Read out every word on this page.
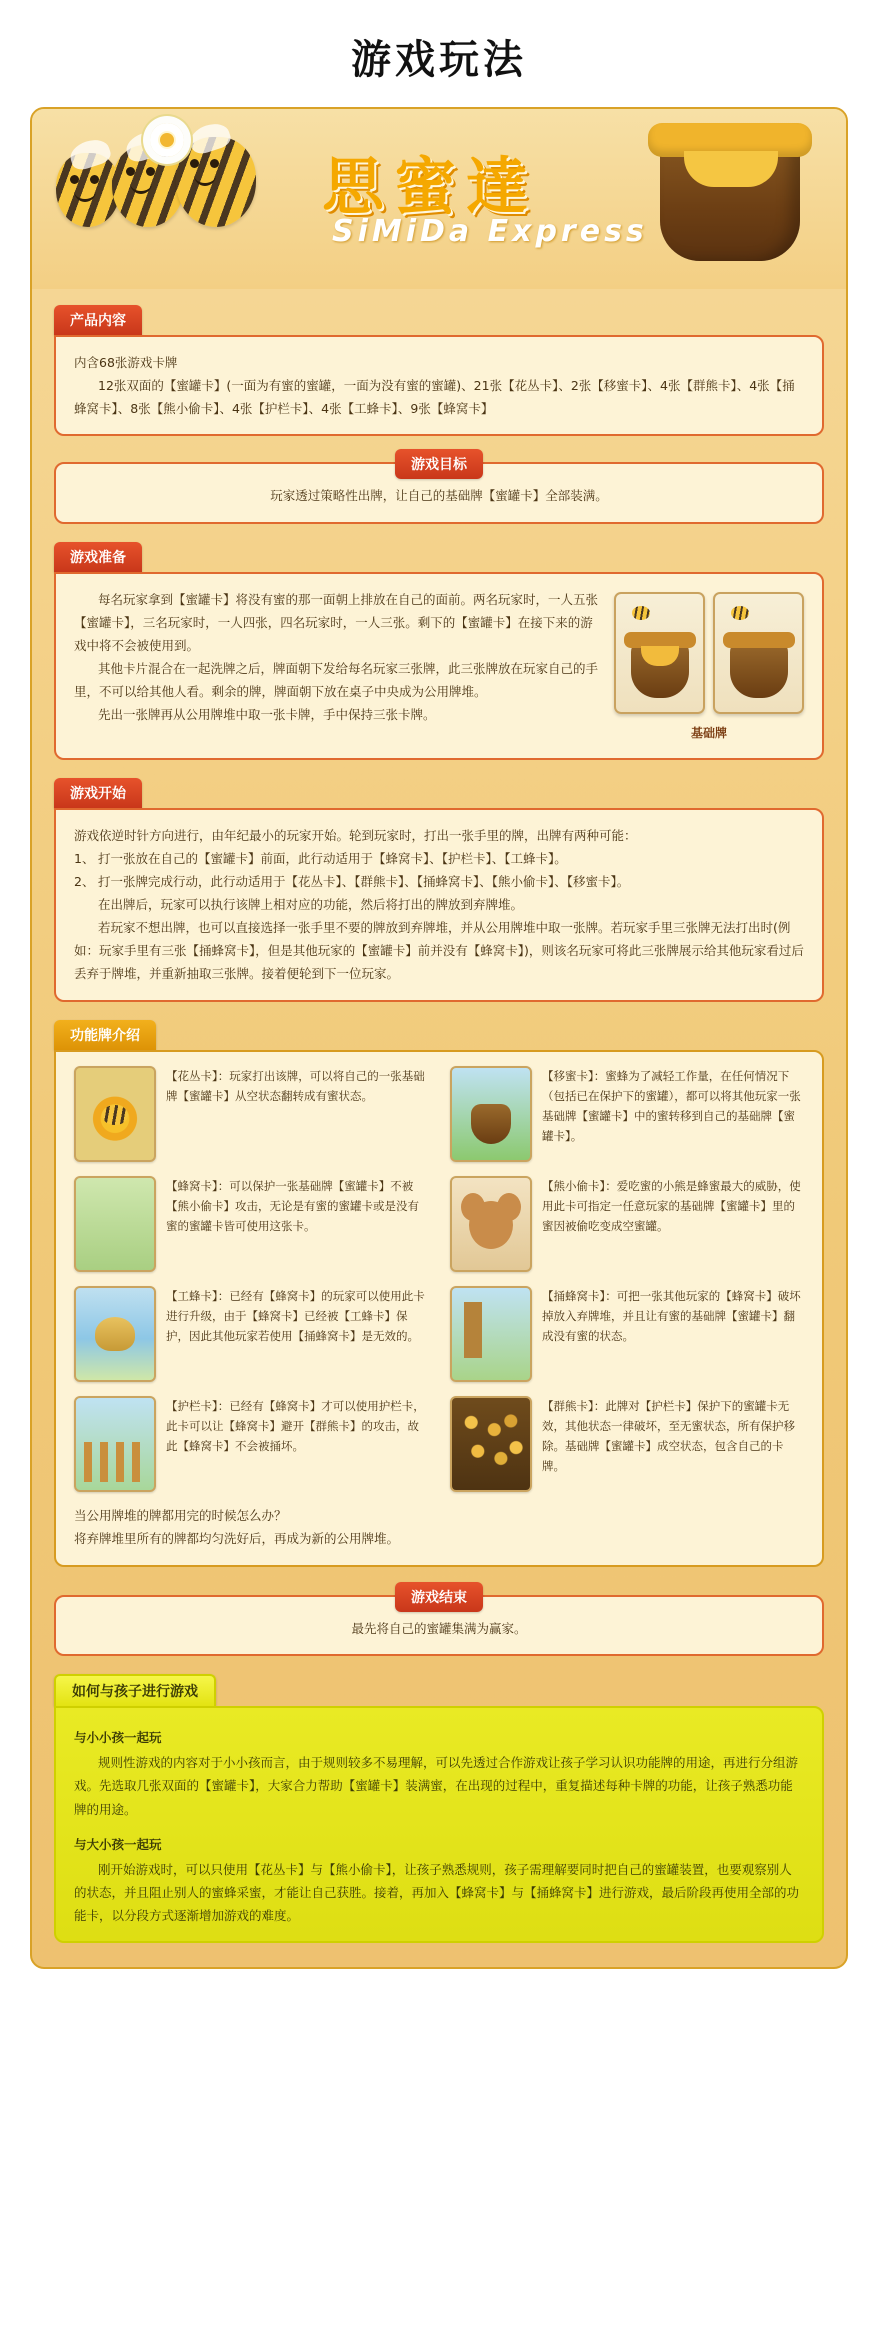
游戏玩法
思蜜達
SiMiDa Express
产品内容

内含68张游戏卡牌

12张双面的【蜜罐卡】(一面为有蜜的蜜罐，一面为没有蜜的蜜罐)、21张【花丛卡】、2张【移蜜卡】、4张【群熊卡】、4张【捅蜂窝卡】、8张【熊小偷卡】、4张【护栏卡】、4张【工蜂卡】、9张【蜂窝卡】

游戏目标

玩家透过策略性出牌，让自己的基础牌【蜜罐卡】全部装满。

游戏准备

每名玩家拿到【蜜罐卡】将没有蜜的那一面朝上排放在自己的面前。两名玩家时，一人五张【蜜罐卡】，三名玩家时，一人四张，四名玩家时，一人三张。剩下的【蜜罐卡】在接下来的游戏中将不会被使用到。

其他卡片混合在一起洗牌之后，牌面朝下发给每名玩家三张牌，此三张牌放在玩家自己的手里，不可以给其他人看。剩余的牌，牌面朝下放在桌子中央成为公用牌堆。

先出一张牌再从公用牌堆中取一张卡牌，手中保持三张卡牌。

基础牌
游戏开始

游戏依逆时针方向进行，由年纪最小的玩家开始。轮到玩家时，打出一张手里的牌，出牌有两种可能：

1、 打一张放在自己的【蜜罐卡】前面，此行动适用于【蜂窝卡】、【护栏卡】、【工蜂卡】。
2、 打一张牌完成行动，此行动适用于【花丛卡】、【群熊卡】、【捅蜂窝卡】、【熊小偷卡】、【移蜜卡】。

在出牌后，玩家可以执行该牌上相对应的功能，然后将打出的牌放到弃牌堆。

若玩家不想出牌，也可以直接选择一张手里不要的牌放到弃牌堆，并从公用牌堆中取一张牌。若玩家手里三张牌无法打出时(例如：玩家手里有三张【捅蜂窝卡】，但是其他玩家的【蜜罐卡】前并没有【蜂窝卡】)，则该名玩家可将此三张牌展示给其他玩家看过后丢弃于牌堆，并重新抽取三张牌。接着便轮到下一位玩家。

功能牌介绍
【花丛卡】：玩家打出该牌，可以将自己的一张基础牌【蜜罐卡】从空状态翻转成有蜜状态。
【移蜜卡】：蜜蜂为了减轻工作量，在任何情况下（包括已在保护下的蜜罐），都可以将其他玩家一张基础牌【蜜罐卡】中的蜜转移到自己的基础牌【蜜罐卡】。
【蜂窝卡】：可以保护一张基础牌【蜜罐卡】不被【熊小偷卡】攻击，无论是有蜜的蜜罐卡或是没有蜜的蜜罐卡皆可使用这张卡。
【熊小偷卡】：爱吃蜜的小熊是蜂蜜最大的威胁，使用此卡可指定一任意玩家的基础牌【蜜罐卡】里的蜜因被偷吃变成空蜜罐。
【工蜂卡】：已经有【蜂窝卡】的玩家可以使用此卡进行升级，由于【蜂窝卡】已经被【工蜂卡】保护，因此其他玩家若使用【捅蜂窝卡】是无效的。
【捅蜂窝卡】：可把一张其他玩家的【蜂窝卡】破坏掉放入弃牌堆，并且让有蜜的基础牌【蜜罐卡】翻成没有蜜的状态。
【护栏卡】：已经有【蜂窝卡】才可以使用护栏卡，此卡可以让【蜂窝卡】避开【群熊卡】的攻击，故此【蜂窝卡】不会被捅坏。
【群熊卡】：此牌对【护栏卡】保护下的蜜罐卡无效，其他状态一律破坏，至无蜜状态，所有保护移除。基础牌【蜜罐卡】成空状态，包含自己的卡牌。

当公用牌堆的牌都用完的时候怎么办？

将弃牌堆里所有的牌都均匀洗好后，再成为新的公用牌堆。

游戏结束

最先将自己的蜜罐集满为赢家。

如何与孩子进行游戏
与小小孩一起玩

规则性游戏的内容对于小小孩而言，由于规则较多不易理解，可以先透过合作游戏让孩子学习认识功能牌的用途，再进行分组游戏。先选取几张双面的【蜜罐卡】，大家合力帮助【蜜罐卡】装满蜜，在出现的过程中，重复描述每种卡牌的功能，让孩子熟悉功能牌的用途。

与大小孩一起玩

刚开始游戏时，可以只使用【花丛卡】与【熊小偷卡】，让孩子熟悉规则，孩子需理解要同时把自己的蜜罐装置，也要观察别人的状态，并且阻止别人的蜜蜂采蜜，才能让自己获胜。接着，再加入【蜂窝卡】与【捅蜂窝卡】进行游戏，最后阶段再使用全部的功能卡，以分段方式逐渐增加游戏的难度。
